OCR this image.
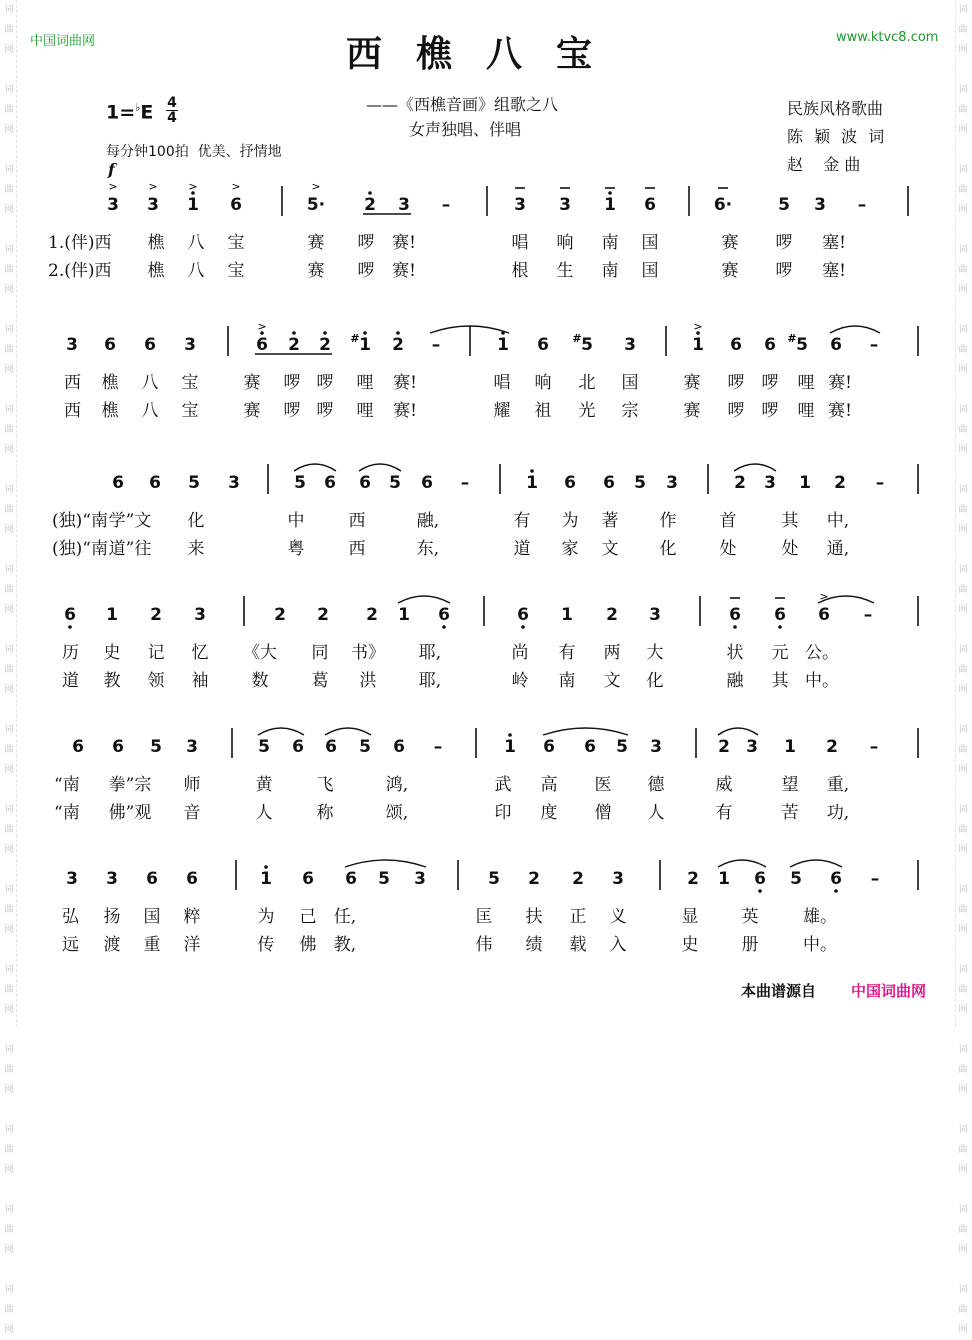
词
曲
网

词
曲
网

词
曲
网

词
曲
网

词
曲
网

词
曲
网

词
曲
网

词
曲
网

词
曲
网

词
曲
网

词
曲
网

词
曲
网

词
曲
网

词
曲
网

词
曲
网

词
曲
网

词
曲
网

词
曲
网

词
曲
网

词
曲
网

词
曲
网

词
曲
网

词
曲
网

词
曲
网

词
曲
网

词
曲
网

词
曲
网

词
曲
网

词
曲
网

词
曲
网

词
曲
网

词
曲
网

词
曲
网

词
曲
网

中国词曲网	www.ktvc8.com
西樵八宝
——《西樵音画》组歌之八
女声独唱、伴唱
民族风格歌曲
陈 颖 波 词
赵    金 曲
1=♭E 4
4
每分钟100拍  优美、抒情地
f
3
>
3
>
1
>
6
>
5·
>
2 3 –	3 3 1 6	6·	5 3 –
1.(伴)西 樵 八 宝	赛 啰 赛!	唱 响 南 国	赛 啰 塞!
2.(伴)西 樵 八 宝	赛 啰 赛!	根 生 南 国	赛 啰 塞!
3 6 6 3	6
>
2 2 1
# 2 –	1 6 5
# 3	1
>
6 6 5
# 6 –
西 樵 八 宝	赛 啰 啰 哩 赛!	唱 响 北 国	赛 啰 啰 哩 赛!
西 樵 八 宝	赛 啰 啰 哩 赛!	耀 祖 光 宗	赛 啰 啰 哩 赛!
6 6 5 3	5 6 6 5 6 –	1 6 6 5 3	2 3 1 2 –
(独)“南 学”文 化	中	西	融,	有 为 著 作	首	其 中,
(独)“南 道”往 来	粤	西	东,	道 家 文 化	处	处 通,
6 1 2 3	2 2 2 1 6	6 1 2 3	6 6 6
>
–
历 史 记 忆 《大 同 书》 耶,	尚 有 两 大	状 元 公。
道 教 领 袖	数	葛 洪 耶,	岭 南 文 化	融 其 中。
6 6 5 3	5 6 6 5 6 –	1 6 6 5 3	2 3 1 2 –
“南 拳”宗 师	黄	飞	鸿,	武 高 医 德	威	望 重,
“南 佛”观 音	人	称	颂,	印 度 僧 人	有	苦 功,
3 3 6 6	1 6 6 5 3	5 2 2 3	2 1 6 5 6 –
弘 扬 国 粹	为 己 任,	匡 扶 正 义	显	英	雄。
远 渡 重 洋	传 佛 教,	伟 绩 载 入	史	册	中。
本曲谱源自 中国词曲网
